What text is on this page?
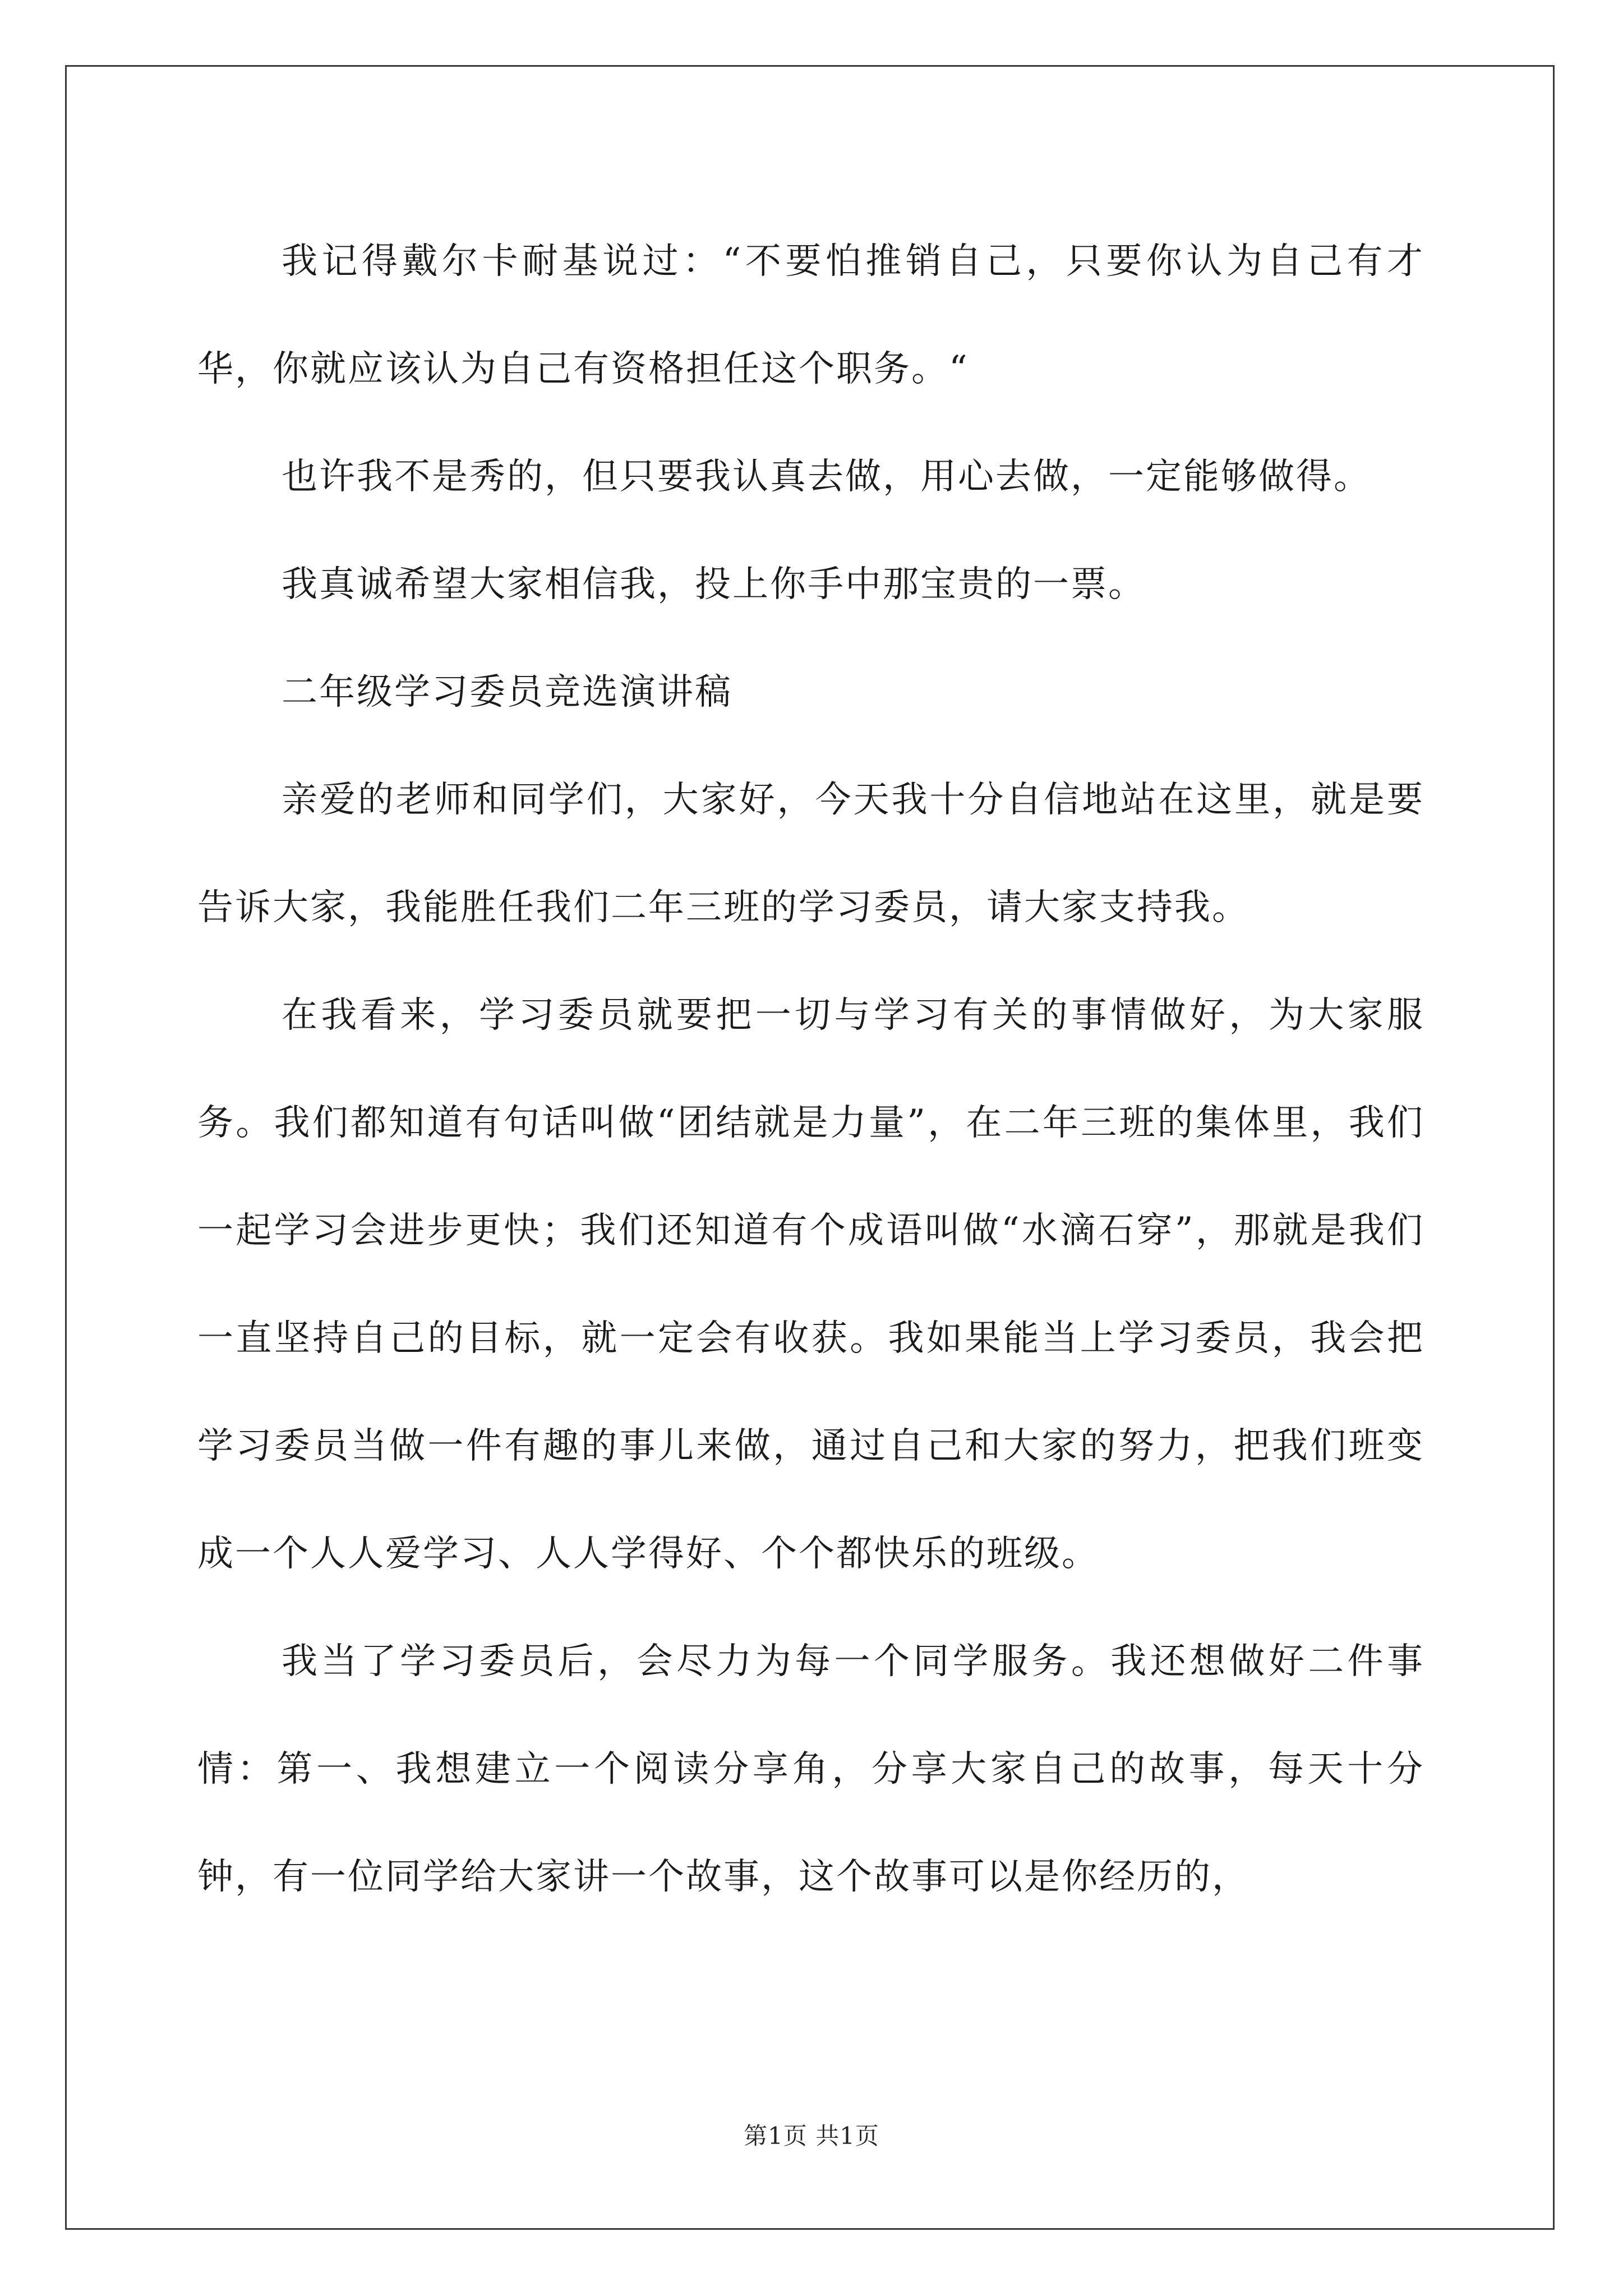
我记得戴尔卡耐基说过：“不要怕推销自己，只要你认为自己有才华，你就应该认为自己有资格担任这个职务。“

也许我不是秀的，但只要我认真去做，用心去做，一定能够做得。

我真诚希望大家相信我，投上你手中那宝贵的一票。

二年级学习委员竞选演讲稿

亲爱的老师和同学们，大家好，今天我十分自信地站在这里，就是要告诉大家，我能胜任我们二年三班的学习委员，请大家支持我。

在我看来，学习委员就要把一切与学习有关的事情做好，为大家服务。我们都知道有句话叫做“团结就是力量”，在二年三班的集体里，我们一起学习会进步更快；我们还知道有个成语叫做“水滴石穿”，那就是我们一直坚持自己的目标，就一定会有收获。我如果能当上学习委员，我会把学习委员当做一件有趣的事儿来做，通过自己和大家的努力，把我们班变成一个人人爱学习、人人学得好、个个都快乐的班级。

我当了学习委员后，会尽力为每一个同学服务。我还想做好二件事情：第一、我想建立一个阅读分享角，分享大家自己的故事，每天十分钟，有一位同学给大家讲一个故事，这个故事可以是你经历的，

第1页 共1页
